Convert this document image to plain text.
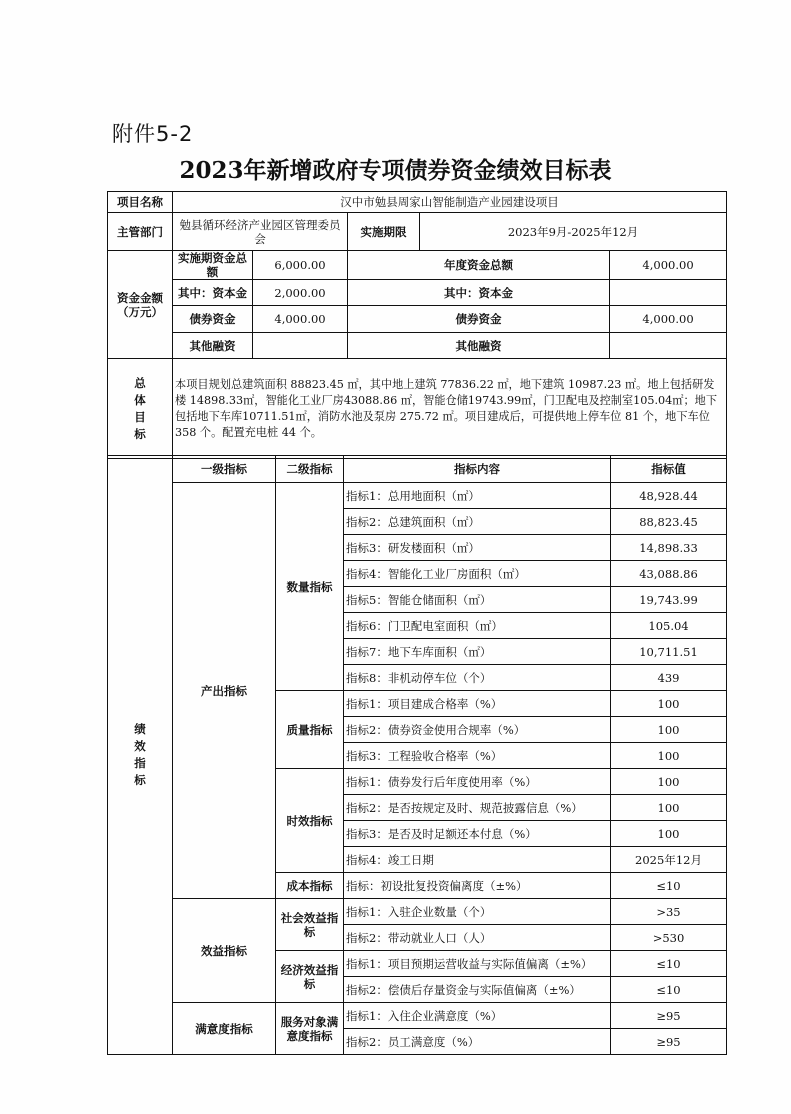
附件5-2
2023年新增政府专项债券资金绩效目标表
项目名称	汉中市勉县周家山智能制造产业园建设项目				
主管部门	勉县循环经济产业园区管理委员会		实施期限	2023年9月-2025年12月	

资金金额
（万元）	实施期资金总额	6,000.00	年度资金总额		4,000.00
	其中：资本金	2,000.00	其中：资本金		
	债券资金	4,000.00	债券资金		4,000.00
	其他融资		其他融资		

总
体
目
标	本项目规划总建筑面积 88823.45 ㎡，其中地上建筑 77836.22 ㎡，地下建筑 10987.23 ㎡。地上包括研发楼 14898.33㎡，智能化工业厂房43088.86 ㎡，智能仓储19743.99㎡，门卫配电及控制室105.04㎡；地下包括地下车库10711.51㎡，消防水池及泵房 275.72 ㎡。项目建成后，可提供地上停车位 81 个，地下车位 358 个。配置充电桩 44 个。				
绩
效
指
标	一级指标	二级指标	指标内容	指标值
	产出指标	数量指标	指标1：总用地面积（㎡）	48,928.44
			指标2：总建筑面积（㎡）	88,823.45
			指标3：研发楼面积（㎡）	14,898.33
			指标4：智能化工业厂房面积（㎡）	43,088.86
			指标5：智能仓储面积（㎡）	19,743.99
			指标6：门卫配电室面积（㎡）	105.04
			指标7：地下车库面积（㎡）	10,711.51
			指标8：非机动停车位（个）	439
		质量指标	指标1：项目建成合格率（%）	100
			指标2：债券资金使用合规率（%）	100
			指标3：工程验收合格率（%）	100
		时效指标	指标1：债券发行后年度使用率（%）	100
			指标2：是否按规定及时、规范披露信息（%）	100
			指标3：是否及时足额还本付息（%）	100
			指标4：竣工日期	2025年12月
		成本指标	指标：初设批复投资偏离度（±%）	≤10
	效益指标	社会效益指
标	指标1：入驻企业数量（个）	>35
			指标2：带动就业人口（人）	>530

		经济效益指
标	指标1：项目预期运营收益与实际值偏离（±%）	≤10
			指标2：偿债后存量资金与实际值偏离（±%）	≤10
	满意度指标	服务对象满
意度指标	指标1：入住企业满意度（%）	≥95
			指标2：员工满意度（%）	≥95
